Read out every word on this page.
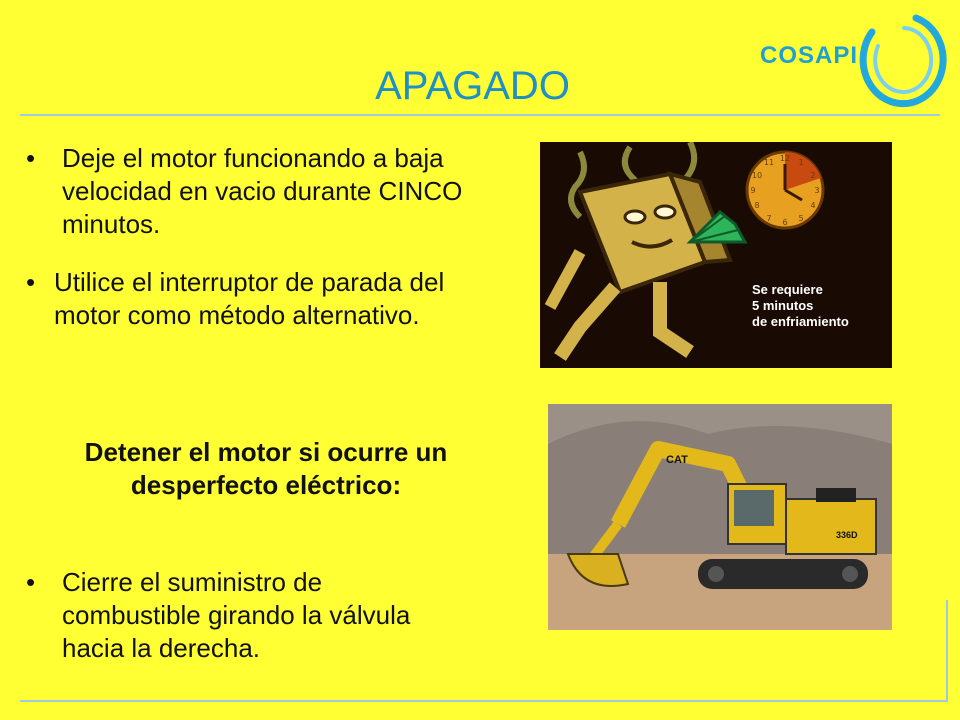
COSAPI
APAGADO
• Deje el motor funcionando a baja velocidad en vacio durante CINCO minutos.
• Utilice el interruptor de parada del motor como método alternativo.
Detener el motor si ocurre un desperfecto eléctrico:
• Cierre el suministro de combustible girando la válvula hacia la derecha.
12 1
2
3
4
5
6
7
8
9
10
11
Se requiere
5 minutos
de enfriamiento
CAT
336D
